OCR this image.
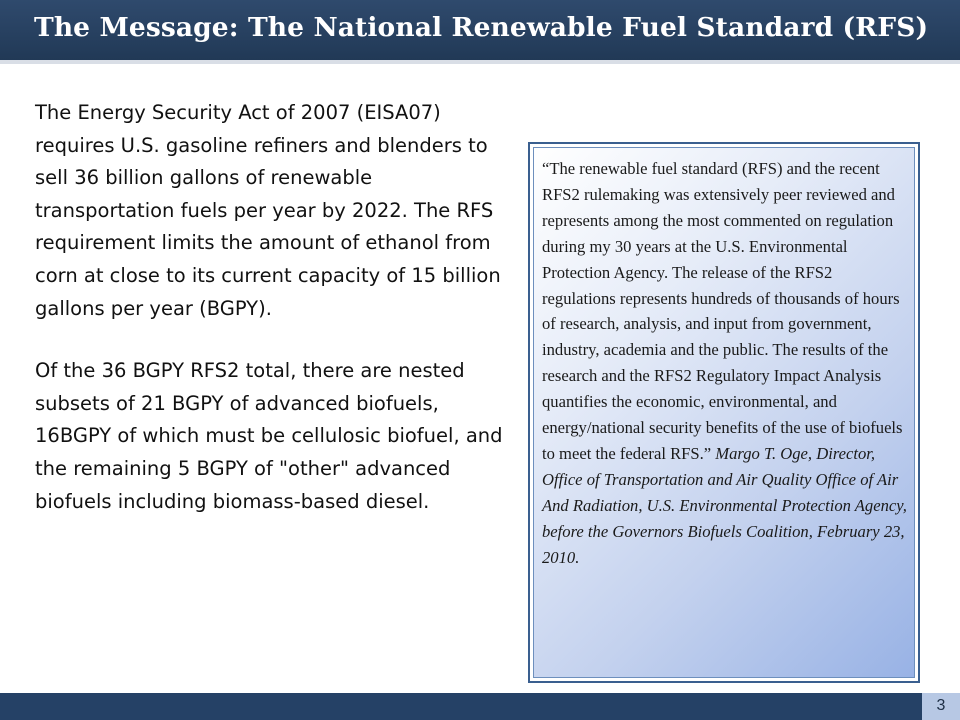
The Message: The National Renewable Fuel Standard (RFS)

The Energy Security Act of 2007 (EISA07) requires U.S. gasoline refiners and blenders to sell 36 billion gallons of renewable transportation fuels per year by 2022. The RFS requirement limits the amount of ethanol from corn at close to its current capacity of 15 billion gallons per year (BGPY).

Of the 36 BGPY RFS2 total, there are nested subsets of 21 BGPY of advanced biofuels, 16BGPY of which must be cellulosic biofuel, and the remaining 5 BGPY of "other" advanced biofuels including biomass-based diesel.

“The renewable fuel standard (RFS) and the recent RFS2 rulemaking was extensively peer reviewed and represents among the most commented on regulation during my 30 years at the U.S. Environmental Protection Agency. The release of the RFS2 regulations represents hundreds of thousands of hours of research, analysis, and input from government, industry, academia and the public. The results of the research and the RFS2 Regulatory Impact Analysis quantifies the economic, environmental, and energy/national security benefits of the use of biofuels to meet the federal RFS.” Margo T. Oge, Director, Office of Transportation and Air Quality Office of Air And Radiation, U.S. Environmental Protection Agency, before the Governors Biofuels Coalition, February 23, 2010.
3
